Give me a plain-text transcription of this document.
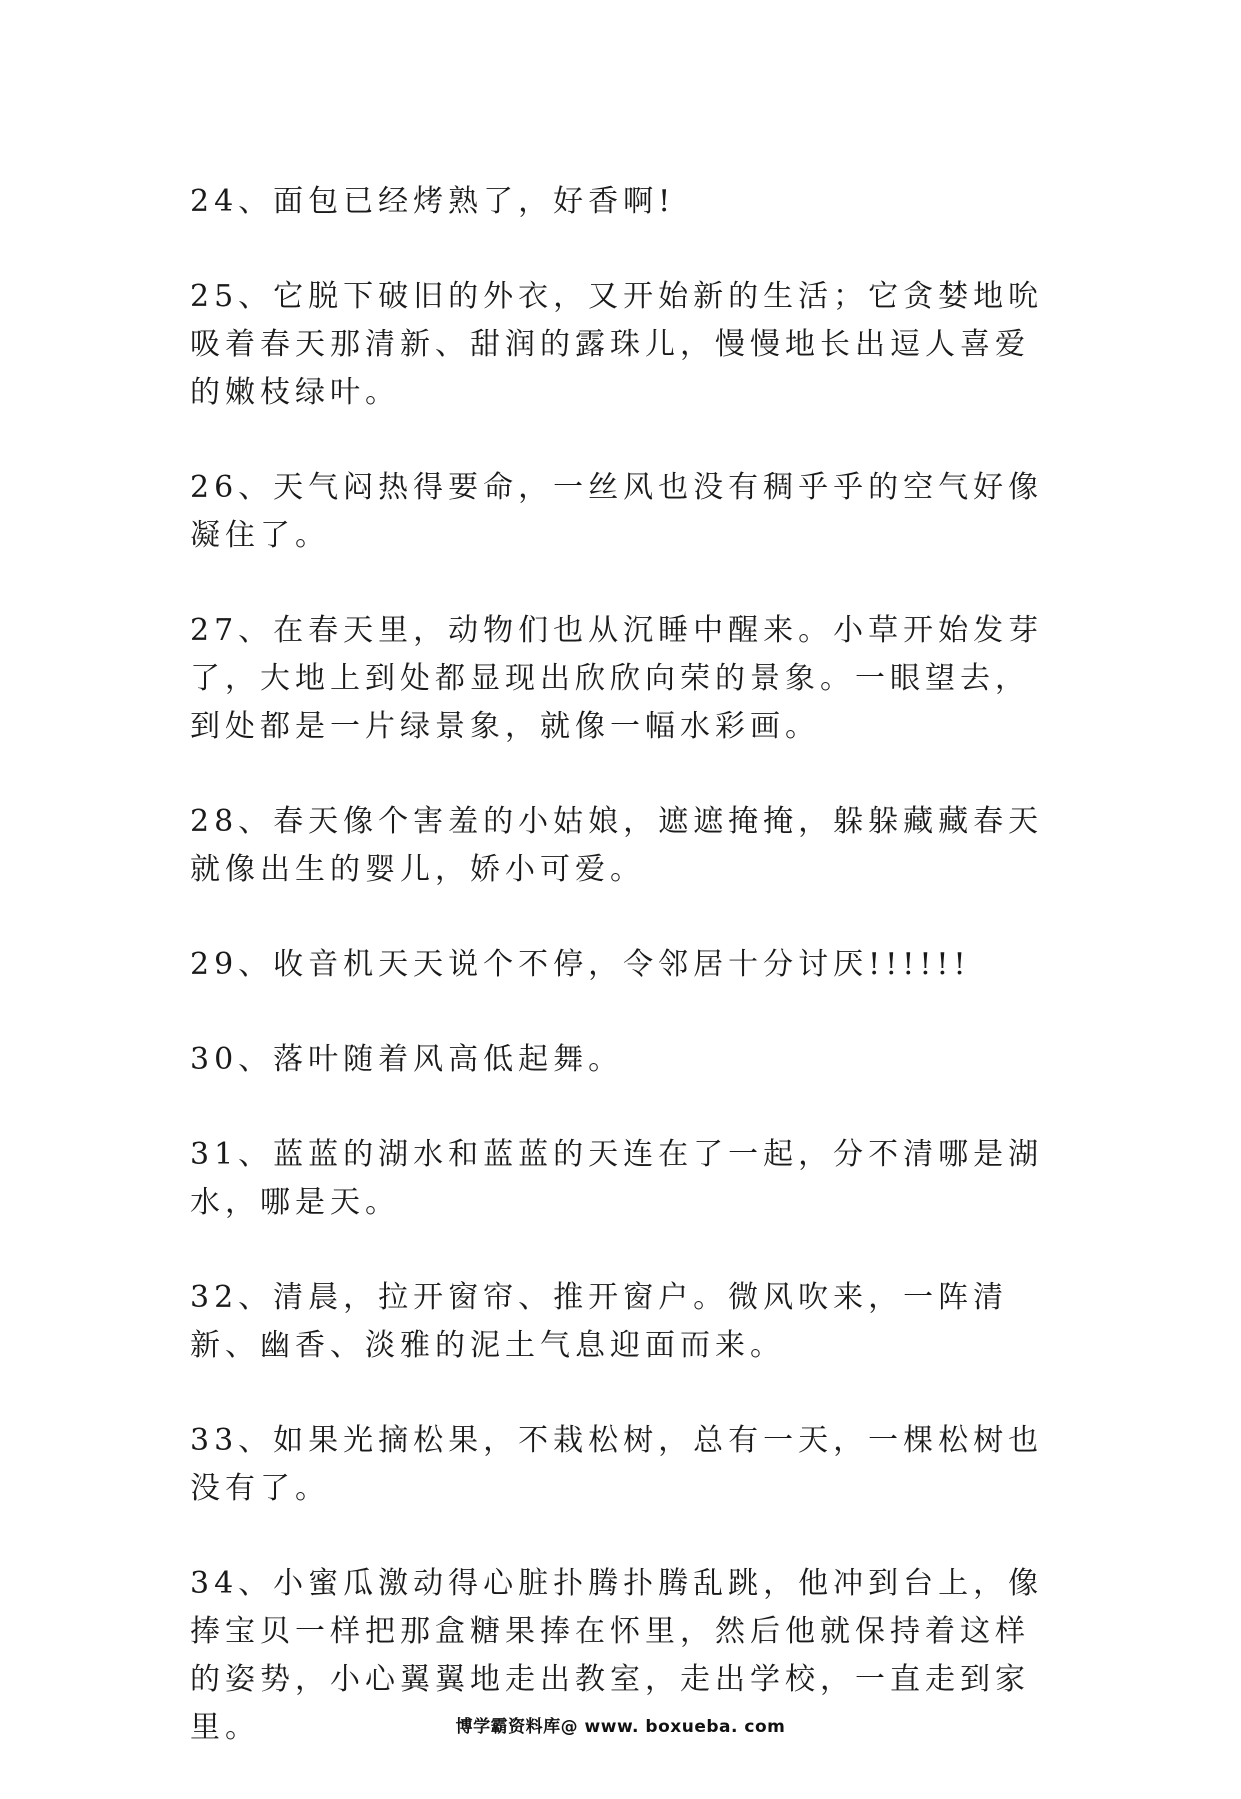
24、面包已经烤熟了，好香啊!

25、它脱下破旧的外衣，又开始新的生活；它贪婪地吮吸着春天那清新、甜润的露珠儿，慢慢地长出逗人喜爱的嫩枝绿叶。

26、天气闷热得要命，一丝风也没有稠乎乎的空气好像凝住了。

27、在春天里，动物们也从沉睡中醒来。小草开始发芽了，大地上到处都显现出欣欣向荣的景象。一眼望去，到处都是一片绿景象，就像一幅水彩画。

28、春天像个害羞的小姑娘，遮遮掩掩，躲躲藏藏春天就像出生的婴儿，娇小可爱。

29、收音机天天说个不停，令邻居十分讨厌!!!!!!

30、落叶随着风高低起舞。

31、蓝蓝的湖水和蓝蓝的天连在了一起，分不清哪是湖水，哪是天。

32、清晨，拉开窗帘、推开窗户。微风吹来，一阵清新、幽香、淡雅的泥土气息迎面而来。

33、如果光摘松果，不栽松树，总有一天，一棵松树也没有了。

34、小蜜瓜激动得心脏扑腾扑腾乱跳，他冲到台上，像捧宝贝一样把那盒糖果捧在怀里，然后他就保持着这样的姿势，小心翼翼地走出教室，走出学校，一直走到家里。	博学霸资料库@ www. boxueba. com
